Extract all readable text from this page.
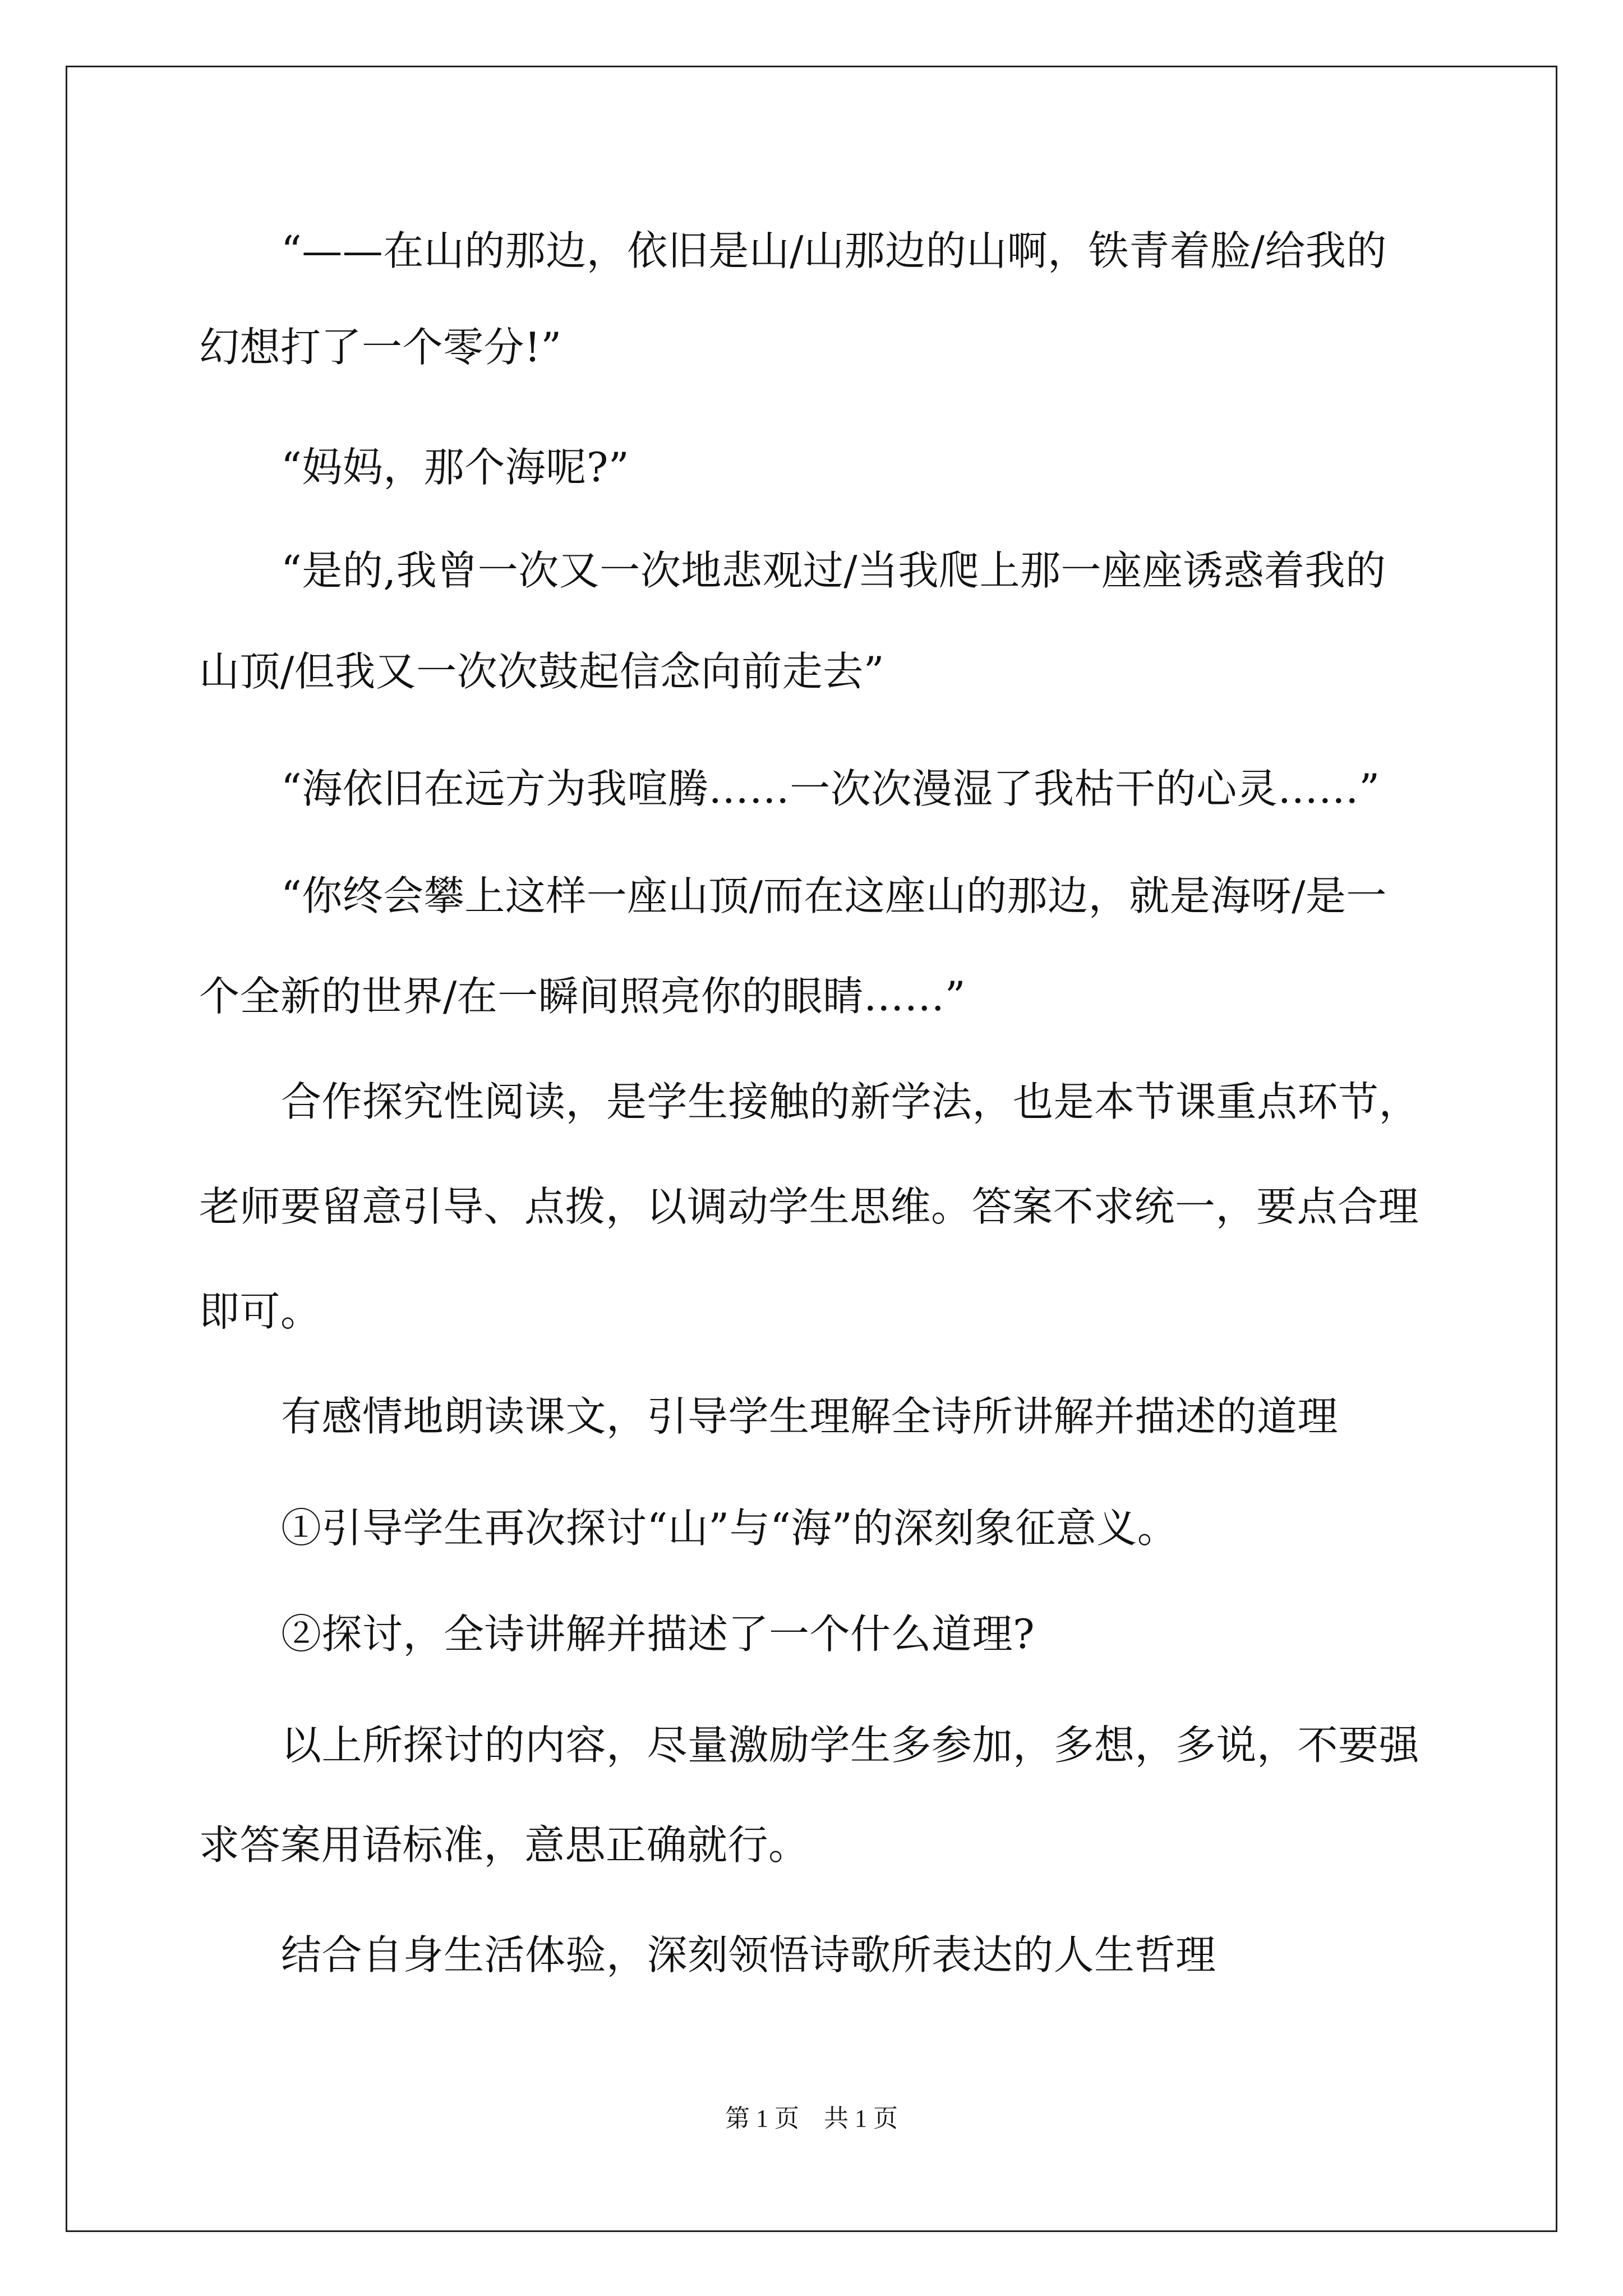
“——在山的那边，依旧是山/山那边的山啊，铁青着脸/给我的
幻想打了一个零分!”
“妈妈，那个海呢?”
“是的,我曾一次又一次地悲观过/当我爬上那一座座诱惑着我的
山顶/但我又一次次鼓起信念向前走去”
“海依旧在远方为我喧腾……一次次漫湿了我枯干的心灵……”
“你终会攀上这样一座山顶/而在这座山的那边，就是海呀/是一
个全新的世界/在一瞬间照亮你的眼睛……”
合作探究性阅读，是学生接触的新学法，也是本节课重点环节，
老师要留意引导、点拨，以调动学生思维。答案不求统一，要点合理
即可。
有感情地朗读课文，引导学生理解全诗所讲解并描述的道理
①引导学生再次探讨“山”与“海”的深刻象征意义。
②探讨，全诗讲解并描述了一个什么道理?
以上所探讨的内容，尽量激励学生多参加，多想，多说，不要强
求答案用语标准，意思正确就行。
结合自身生活体验，深刻领悟诗歌所表达的人生哲理
第 1 页　共 1 页
